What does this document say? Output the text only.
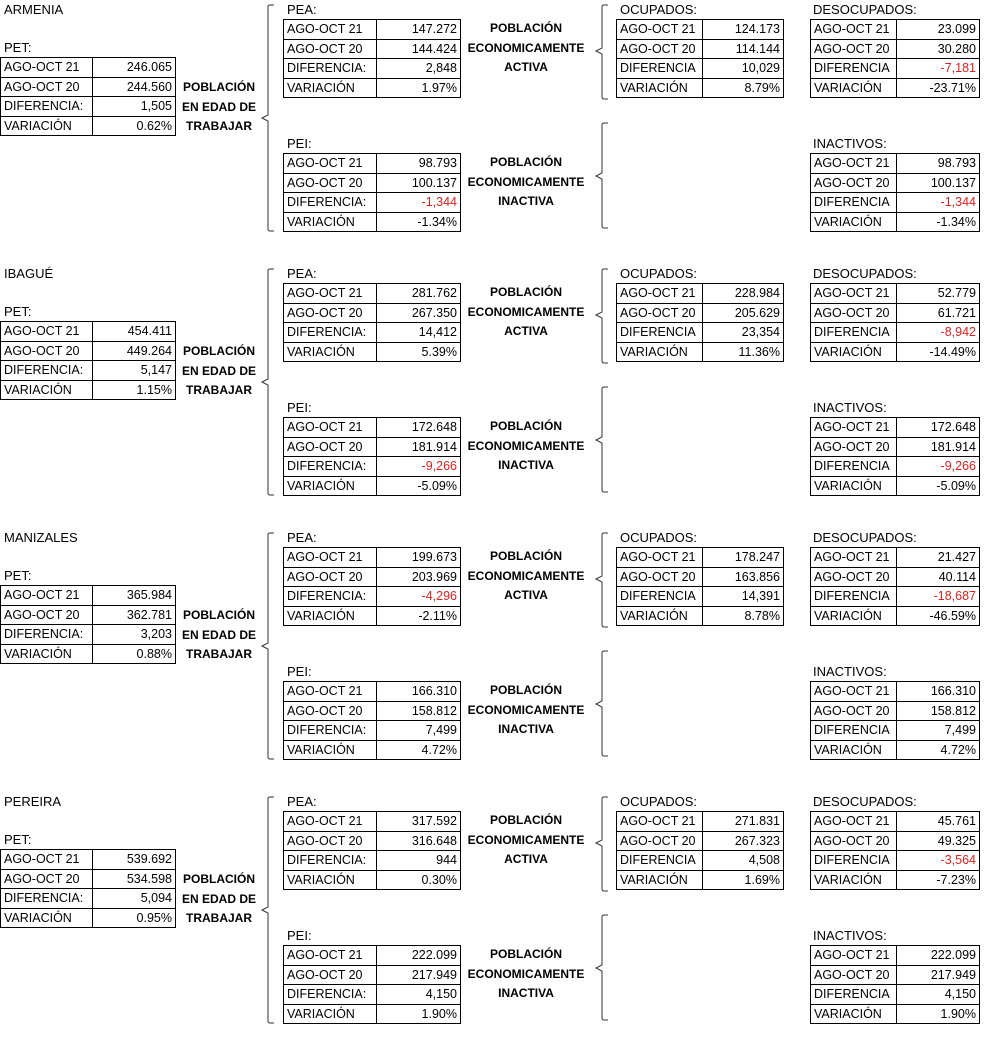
ARMENIA
PET:
AGO-OCT 21	246.065
AGO-OCT 20	244.560
DIFERENCIA:	1,505
VARIACIÓN	0.62%
POBLACIÓN
EN EDAD DE
TRABAJAR
PEA:
AGO-OCT 21	147.272
AGO-OCT 20	144.424
DIFERENCIA:	2,848
VARIACIÓN	1.97%
POBLACIÓN
ECONOMICAMENTE
ACTIVA
OCUPADOS:
AGO-OCT 21	124.173
AGO-OCT 20	114.144
DIFERENCIA	10,029
VARIACIÓN	8.79%
DESOCUPADOS:
AGO-OCT 21	23.099
AGO-OCT 20	30.280
DIFERENCIA	-7,181
VARIACIÓN	-23.71%
PEI:
AGO-OCT 21	98.793
AGO-OCT 20	100.137
DIFERENCIA:	-1,344
VARIACIÓN	-1.34%
POBLACIÓN
ECONOMICAMENTE
INACTIVA
INACTIVOS:
AGO-OCT 21	98.793
AGO-OCT 20	100.137
DIFERENCIA	-1,344
VARIACIÓN	-1.34%
IBAGUÉ
PET:
AGO-OCT 21	454.411
AGO-OCT 20	449.264
DIFERENCIA:	5,147
VARIACIÓN	1.15%
POBLACIÓN
EN EDAD DE
TRABAJAR
PEA:
AGO-OCT 21	281.762
AGO-OCT 20	267.350
DIFERENCIA:	14,412
VARIACIÓN	5.39%
POBLACIÓN
ECONOMICAMENTE
ACTIVA
OCUPADOS:
AGO-OCT 21	228.984
AGO-OCT 20	205.629
DIFERENCIA	23,354
VARIACIÓN	11.36%
DESOCUPADOS:
AGO-OCT 21	52.779
AGO-OCT 20	61.721
DIFERENCIA	-8,942
VARIACIÓN	-14.49%
PEI:
AGO-OCT 21	172.648
AGO-OCT 20	181.914
DIFERENCIA:	-9,266
VARIACIÓN	-5.09%
POBLACIÓN
ECONOMICAMENTE
INACTIVA
INACTIVOS:
AGO-OCT 21	172.648
AGO-OCT 20	181.914
DIFERENCIA	-9,266
VARIACIÓN	-5.09%
MANIZALES
PET:
AGO-OCT 21	365.984
AGO-OCT 20	362.781
DIFERENCIA:	3,203
VARIACIÓN	0.88%
POBLACIÓN
EN EDAD DE
TRABAJAR
PEA:
AGO-OCT 21	199.673
AGO-OCT 20	203.969
DIFERENCIA:	-4,296
VARIACIÓN	-2.11%
POBLACIÓN
ECONOMICAMENTE
ACTIVA
OCUPADOS:
AGO-OCT 21	178.247
AGO-OCT 20	163.856
DIFERENCIA	14,391
VARIACIÓN	8.78%
DESOCUPADOS:
AGO-OCT 21	21.427
AGO-OCT 20	40.114
DIFERENCIA	-18,687
VARIACIÓN	-46.59%
PEI:
AGO-OCT 21	166.310
AGO-OCT 20	158.812
DIFERENCIA:	7,499
VARIACIÓN	4.72%
POBLACIÓN
ECONOMICAMENTE
INACTIVA
INACTIVOS:
AGO-OCT 21	166.310
AGO-OCT 20	158.812
DIFERENCIA	7,499
VARIACIÓN	4.72%
PEREIRA
PET:
AGO-OCT 21	539.692
AGO-OCT 20	534.598
DIFERENCIA:	5,094
VARIACIÓN	0.95%
POBLACIÓN
EN EDAD DE
TRABAJAR
PEA:
AGO-OCT 21	317.592
AGO-OCT 20	316.648
DIFERENCIA:	944
VARIACIÓN	0.30%
POBLACIÓN
ECONOMICAMENTE
ACTIVA
OCUPADOS:
AGO-OCT 21	271.831
AGO-OCT 20	267.323
DIFERENCIA	4,508
VARIACIÓN	1.69%
DESOCUPADOS:
AGO-OCT 21	45.761
AGO-OCT 20	49.325
DIFERENCIA	-3,564
VARIACIÓN	-7.23%
PEI:
AGO-OCT 21	222.099
AGO-OCT 20	217.949
DIFERENCIA:	4,150
VARIACIÓN	1.90%
POBLACIÓN
ECONOMICAMENTE
INACTIVA
INACTIVOS:
AGO-OCT 21	222.099
AGO-OCT 20	217.949
DIFERENCIA	4,150
VARIACIÓN	1.90%
